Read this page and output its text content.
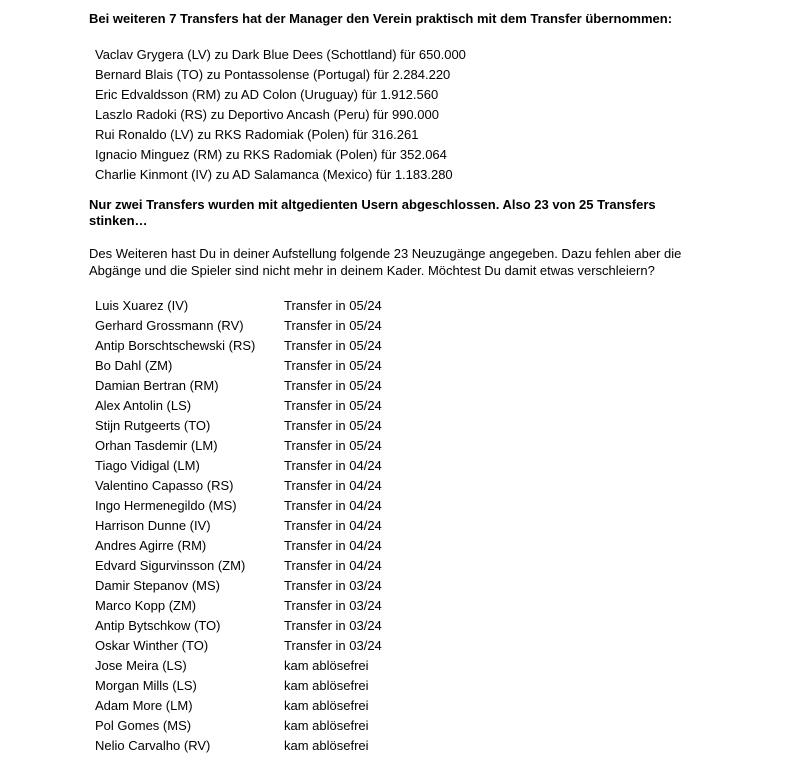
Bei weiteren 7 Transfers hat der Manager den Verein praktisch mit dem Transfer übernommen:

Vaclav Grygera (LV) zu Dark Blue Dees (Schottland) für 650.000
Bernard Blais (TO) zu Pontassolense (Portugal) für 2.284.220
Eric Edvaldsson (RM) zu AD Colon (Uruguay) für 1.912.560
Laszlo Radoki (RS) zu Deportivo Ancash (Peru) für 990.000
Rui Ronaldo (LV) zu RKS Radomiak (Polen) für 316.261
Ignacio Minguez (RM) zu RKS Radomiak (Polen) für 352.064
Charlie Kinmont (IV) zu AD Salamanca (Mexico) für 1.183.280

Nur zwei Transfers wurden mit altgedienten Usern abgeschlossen. Also 23 von 25 Transfers stinken…

Des Weiteren hast Du in deiner Aufstellung folgende 23 Neuzugänge angegeben. Dazu fehlen aber die Abgänge und die Spieler sind nicht mehr in deinem Kader. Möchtest Du damit etwas verschleiern?

Luis Xuarez (IV)	Transfer in 05/24
Gerhard Grossmann (RV)	Transfer in 05/24
Antip Borschtschewski (RS)	Transfer in 05/24
Bo Dahl (ZM)	Transfer in 05/24
Damian Bertran (RM)	Transfer in 05/24
Alex Antolin (LS)	Transfer in 05/24
Stijn Rutgeerts (TO)	Transfer in 05/24
Orhan Tasdemir (LM)	Transfer in 05/24
Tiago Vidigal (LM)	Transfer in 04/24
Valentino Capasso (RS)	Transfer in 04/24
Ingo Hermenegildo (MS)	Transfer in 04/24
Harrison Dunne (IV)	Transfer in 04/24
Andres Agirre (RM)	Transfer in 04/24
Edvard Sigurvinsson (ZM)	Transfer in 04/24
Damir Stepanov (MS)	Transfer in 03/24
Marco Kopp (ZM)	Transfer in 03/24
Antip Bytschkow (TO)	Transfer in 03/24
Oskar Winther (TO)	Transfer in 03/24
Jose Meira (LS)	kam ablösefrei
Morgan Mills (LS)	kam ablösefrei
Adam More (LM)	kam ablösefrei
Pol Gomes (MS)	kam ablösefrei
Nelio Carvalho (RV)	kam ablösefrei
